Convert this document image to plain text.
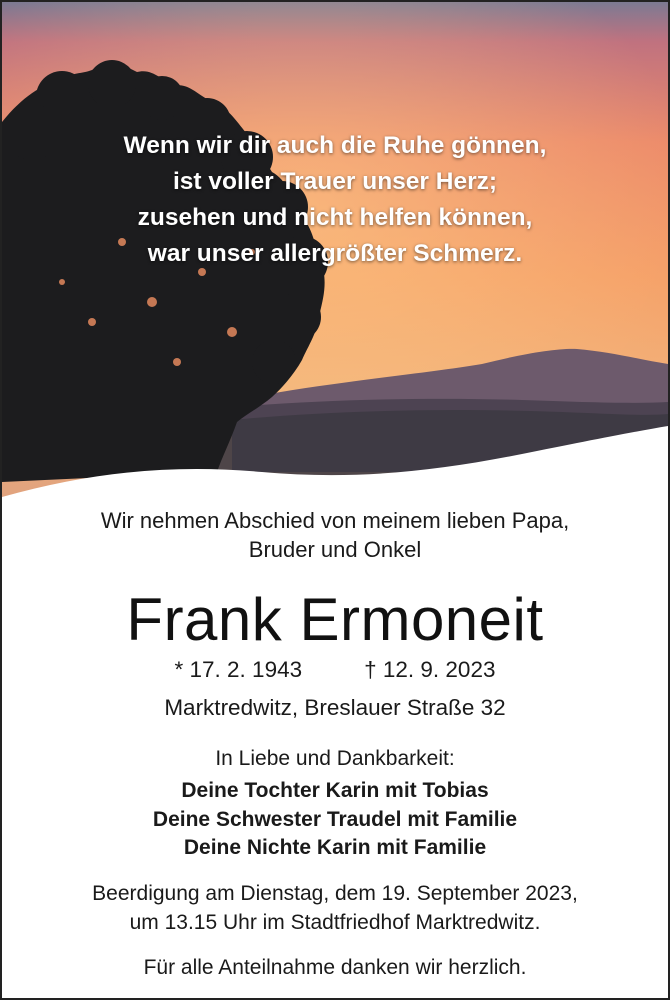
Wenn wir dir auch die Ruhe gönnen,
ist voller Trauer unser Herz;
zusehen und nicht helfen können,
war unser allergrößter Schmerz.
Wir nehmen Abschied von meinem lieben Papa,
Bruder und Onkel
Frank Ermoneit
* 17. 2. 1943	† 12. 9. 2023
Marktredwitz, Breslauer Straße 32
In Liebe und Dankbarkeit:
Deine Tochter Karin mit Tobias
Deine Schwester Traudel mit Familie
Deine Nichte Karin mit Familie
Beerdigung am Dienstag, dem 19. September 2023,
um 13.15 Uhr im Stadtfriedhof Marktredwitz.
Für alle Anteilnahme danken wir herzlich.
